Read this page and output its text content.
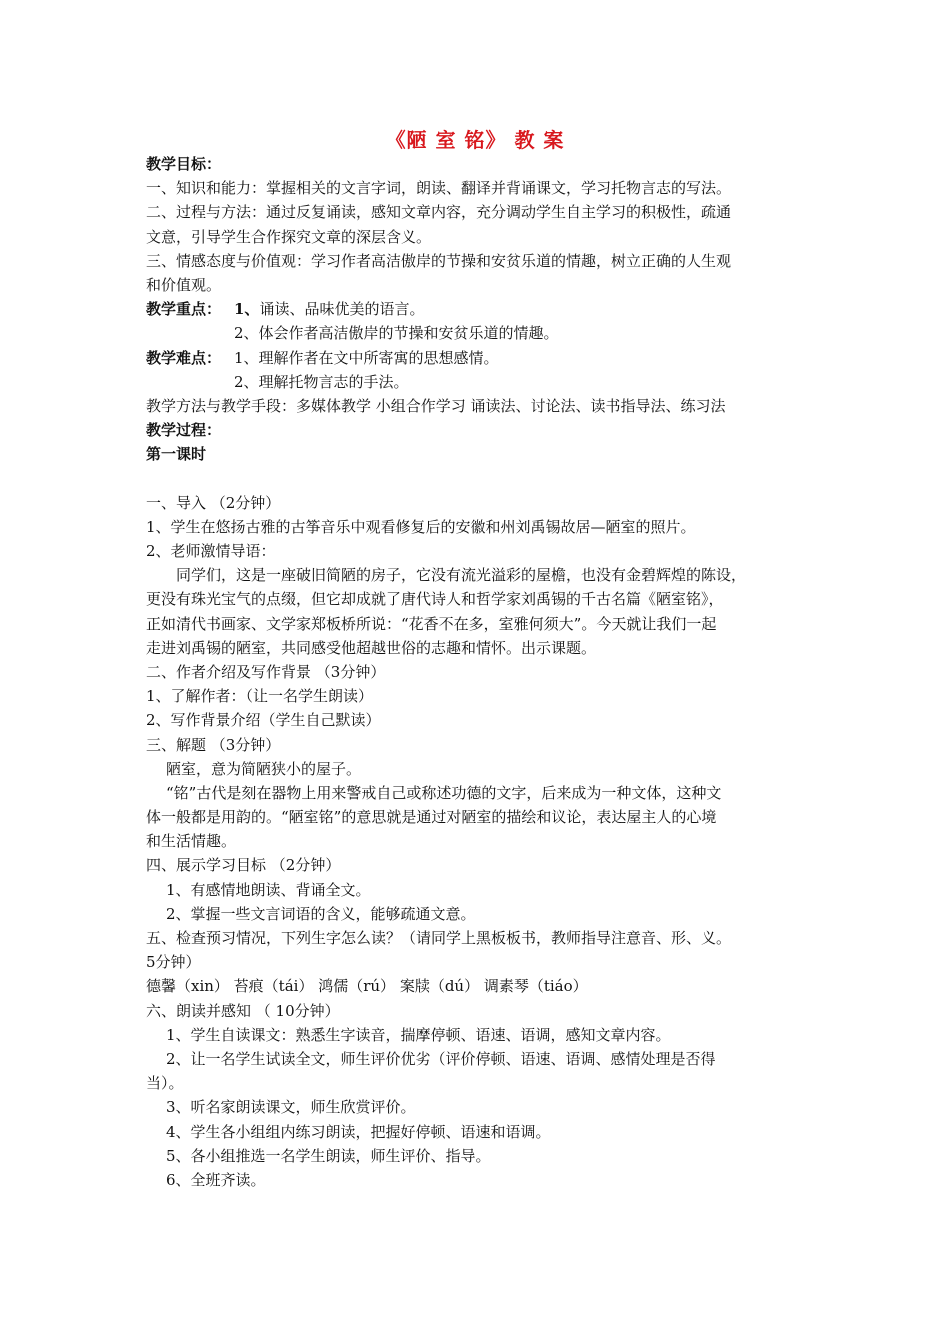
《陋 室 铭》 教 案
教学目标：
一、知识和能力：掌握相关的文言字词，朗读、翻译并背诵课文，学习托物言志的写法。
二、过程与方法：通过反复诵读，感知文章内容，充分调动学生自主学习的积极性，疏通
文意，引导学生合作探究文章的深层含义。
三、情感态度与价值观：学习作者高洁傲岸的节操和安贫乐道的情趣，树立正确的人生观
和价值观。
教学重点： 1、 诵读、品味优美的语言。
2、体会作者高洁傲岸的节操和安贫乐道的情趣。
教学难点： 1、理解作者在文中所寄寓的思想感情。
2、理解托物言志的手法。
教学方法与教学手段：多媒体教学 小组合作学习 诵读法、讨论法、读书指导法、练习法
教学过程：
第一课时
一、导入 （2分钟）
1、学生在悠扬古雅的古筝音乐中观看修复后的安徽和州刘禹锡故居—陋室的照片。
2、老师激情导语：
同学们，这是一座破旧简陋的房子，它没有流光溢彩的屋檐，也没有金碧辉煌的陈设，
更没有珠光宝气的点缀，但它却成就了唐代诗人和哲学家刘禹锡的千古名篇《陋室铭》，
正如清代书画家、文学家郑板桥所说：“花香不在多，室雅何须大”。今天就让我们一起
走进刘禹锡的陋室，共同感受他超越世俗的志趣和情怀。出示课题。
二、作者介绍及写作背景 （3分钟）
1、了解作者：（让一名学生朗读）
2、写作背景介绍（学生自己默读）
三、解题 （3分钟）
陋室，意为简陋狭小的屋子。
“铭”古代是刻在器物上用来警戒自己或称述功德的文字，后来成为一种文体，这种文
体一般都是用韵的。“陋室铭”的意思就是通过对陋室的描绘和议论，表达屋主人的心境
和生活情趣。
四、展示学习目标 （2分钟）
1、有感情地朗读、背诵全文。
2、掌握一些文言词语的含义，能够疏通文意。
五、检查预习情况，下列生字怎么读？（请同学上黑板板书，教师指导注意音、形、义。
5分钟）
德馨（xin） 苔痕（tái） 鸿儒（rú） 案牍（dú） 调素琴（tiáo）
六、朗读并感知 （ 10分钟）
1、学生自读课文：熟悉生字读音，揣摩停顿、语速、语调，感知文章内容。
2、让一名学生试读全文，师生评价优劣（评价停顿、语速、语调、感情处理是否得
当）。
3、听名家朗读课文，师生欣赏评价。
4、学生各小组组内练习朗读，把握好停顿、语速和语调。
5、各小组推选一名学生朗读，师生评价、指导。
6、全班齐读。
